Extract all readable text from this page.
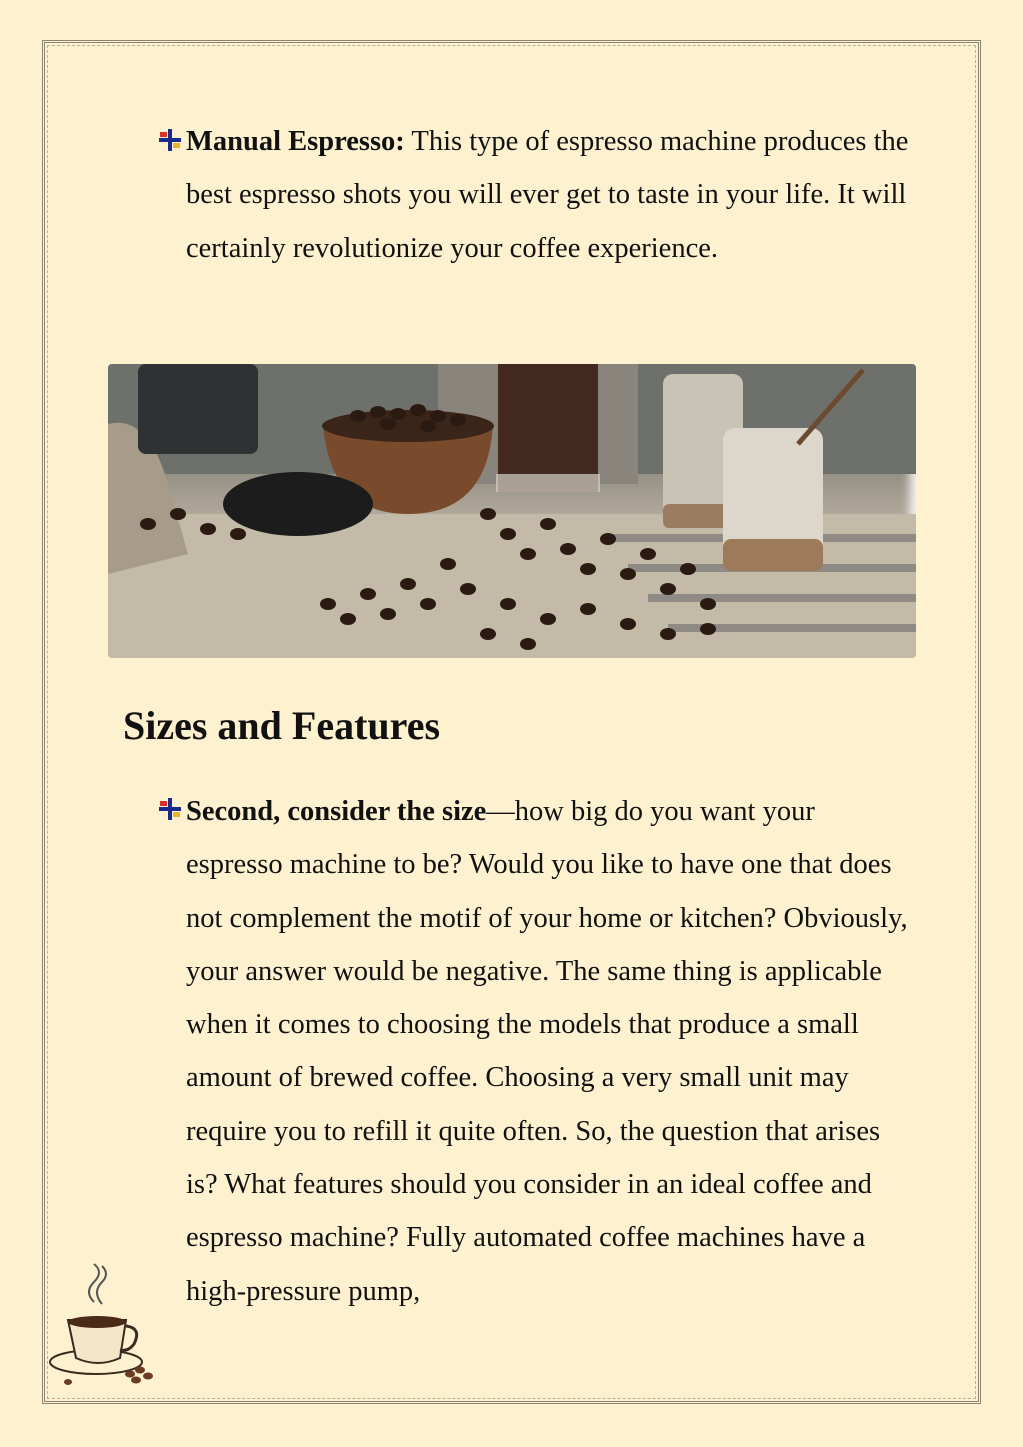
Manual Espresso: This type of espresso machine produces the best espresso shots you will ever get to taste in your life. It will certainly revolutionize your coffee experience.
Sizes and Features
Second, consider the size—how big do you want your espresso machine to be? Would you like to have one that does not complement the motif of your home or kitchen? Obviously, your answer would be negative. The same thing is applicable when it comes to choosing the models that produce a small amount of brewed coffee. Choosing a very small unit may require you to refill it quite often. So, the question that arises is? What features should you consider in an ideal coffee and espresso machine? Fully automated coffee machines have a high-pressure pump,
